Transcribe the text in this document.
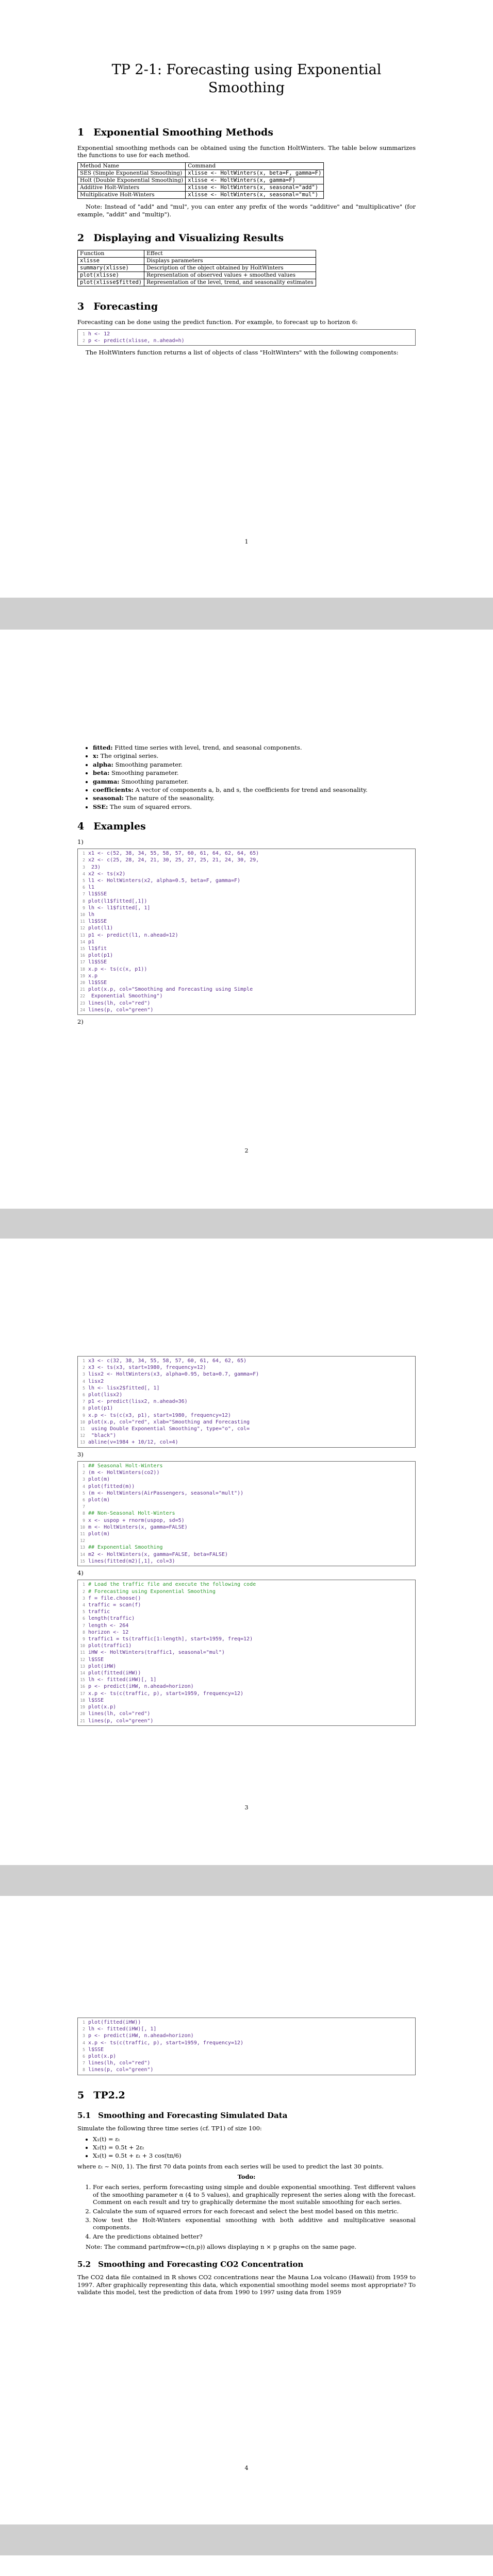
TP 2-1: Forecasting using Exponential
Smoothing
1 Exponential Smoothing Methods

Exponential smoothing methods can be obtained using the function HoltWinters. The table below summarizes the functions to use for each method.

Method Name	Command
SES (Simple Exponential Smoothing)	xlisse <- HoltWinters(x, beta=F, gamma=F)
Holt (Double Exponential Smoothing)	xlisse <- HoltWinters(x, gamma=F)
Additive Holt-Winters	xlisse <- HoltWinters(x, seasonal="add")
Multiplicative Holt-Winters	xlisse <- HoltWinters(x, seasonal="mul")

Note: Instead of "add" and "mul", you can enter any prefix of the words "additive" and "multiplicative" (for example, "addit" and "multip").

2 Displaying and Visualizing Results
Function	Effect
xlisse	Displays parameters
summary(xlisse)	Description of the object obtained by HoltWinters
plot(xlisse)	Representation of observed values + smoothed values
plot(xlisse$fitted)	Representation of the level, trend, and seasonality estimates
3 Forecasting

Forecasting can be done using the predict function. For example, to forecast up to horizon 6:

1 h <- 12
2 p <- predict(xlisse, n.ahead=h)

The HoltWinters function returns a list of objects of class "HoltWinters" with the following components:

1
• fitted: Fitted time series with level, trend, and seasonal components.
• x: The original series.
• alpha: Smoothing parameter.
• beta: Smoothing parameter.
• gamma: Smoothing parameter.
• coefficients: A vector of components a, b, and s, the coefficients for trend and seasonality.
• seasonal: The nature of the seasonality.
• SSE: The sum of squared errors.
4 Examples

1)

1 x1 <- c(52, 38, 34, 55, 58, 57, 60, 61, 64, 62, 64, 65)
2 x2 <- c(25, 28, 24, 21, 30, 25, 27, 25, 21, 24, 30, 29,
3 23)
4 x2 <- ts(x2)
5 l1 <- HoltWinters(x2, alpha=0.5, beta=F, gamma=F)
6 l1
7 l1$SSE
8 plot(l1$fitted[,1])
9 lh <- l1$fitted[, 1]
10 lh
11 l1$SSE
12 plot(l1)
13 p1 <- predict(l1, n.ahead=12)
14 p1
15 l1$fit
16 plot(p1)
17 l1$SSE
18 x.p <- ts(c(x, p1))
19 x.p
20 l1$SSE
21 plot(x.p, col="Smoothing and Forecasting using Simple
22 Exponential Smoothing")
23 lines(lh, col="red")
24 lines(p, col="green")

2)

2
1 x3 <- c(32, 38, 34, 55, 58, 57, 60, 61, 64, 62, 65)
2 x3 <- ts(x3, start=1980, frequency=12)
3 lisx2 <- HoltWinters(x3, alpha=0.95, beta=0.7, gamma=F)
4 lisx2
5 lh <- lisx2$fitted[, 1]
6 plot(lisx2)
7 p1 <- predict(lisx2, n.ahead=36)
8 plot(p1)
9 x.p <- ts(c(x3, p1), start=1980, frequency=12)
10 plot(x.p, col="red", xlab="Smoothing and Forecasting
11 using Double Exponential Smoothing", type="o", col=
12 "black")
13 abline(v=1984 + 10/12, col=4)

3)

1 ## Seasonal Holt-Winters
2 (m <- HoltWinters(co2))
3 plot(m)
4 plot(fitted(m))
5 (m <- HoltWinters(AirPassengers, seasonal="mult"))
6 plot(m)
7
8 ## Non-Seasonal Holt-Winters
9 x <- uspop + rnorm(uspop, sd=5)
10 m <- HoltWinters(x, gamma=FALSE)
11 plot(m)
12
13 ## Exponential Smoothing
14 m2 <- HoltWinters(x, gamma=FALSE, beta=FALSE)
15 lines(fitted(m2)[,1], col=3)

4)

1 # Load the traffic file and execute the following code
2 # Forecasting using Exponential Smoothing
3 f = file.choose()
4 traffic = scan(f)
5 traffic
6 length(traffic)
7 length <- 264
8 horizon <- 12
9 traffic1 = ts(traffic[1:length], start=1959, freq=12)
10 plot(traffic1)
11 iHW <- HoltWinters(traffic1, seasonal="mul")
12 l$SSE
13 plot(iHW)
14 plot(fitted(iHW))
15 lh <- fitted(iHW)[, 1]
16 p <- predict(iHW, n.ahead=horizon)
17 x.p <- ts(c(traffic, p), start=1959, frequency=12)
18 l$SSE
19 plot(x.p)
20 lines(lh, col="red")
21 lines(p, col="green")
3
1 plot(fitted(iHW))
2 lh <- fitted(iHW)[, 1]
3 p <- predict(iHW, n.ahead=horizon)
4 x.p <- ts(c(traffic, p), start=1959, frequency=12)
5 l$SSE
6 plot(x.p)
7 lines(lh, col="red")
8 lines(p, col="green")
5 TP2.2
5.1 Smoothing and Forecasting Simulated Data

Simulate the following three time series (cf. TP1) of size 100:

• X₁(t) = εₜ
• X₂(t) = 0.5t + 2εₜ
• X₃(t) = 0.5t + εₜ + 3 cos(tπ/6)

where εₜ ~ N(0, 1). The first 70 data points from each series will be used to predict the last 30 points.

Todo:

1. For each series, perform forecasting using simple and double exponential smoothing. Test different values of the smoothing parameter α (4 to 5 values), and graphically represent the series along with the forecast. Comment on each result and try to graphically determine the most suitable smoothing for each series.
2. Calculate the sum of squared errors for each forecast and select the best model based on this metric.
3. Now test the Holt-Winters exponential smoothing with both additive and multiplicative seasonal components.
4. Are the predictions obtained better?

Note: The command par(mfrow=c(n,p)) allows displaying n × p graphs on the same page.

5.2 Smoothing and Forecasting CO2 Concentration

The CO2 data file contained in R shows CO2 concentrations near the Mauna Loa volcano (Hawaii) from 1959 to 1997. After graphically representing this data, which exponential smoothing model seems most appropriate? To validate this model, test the prediction of data from 1990 to 1997 using data from 1959

4
